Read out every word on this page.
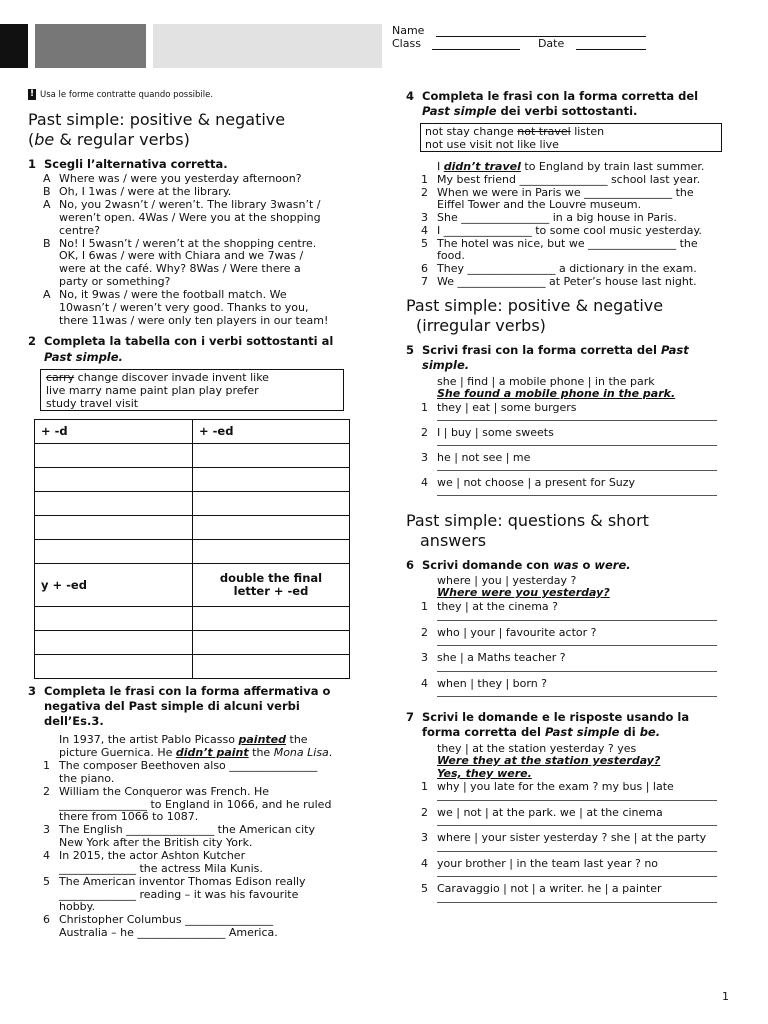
Name
Class	Date
! Usa le forme contratte quando possibile.
Past simple: positive & negative
(be & regular verbs)
1 Scegli l’alternativa corretta.
A Where was / were you yesterday afternoon?
B Oh, I 1was / were at the library.
A No, you 2wasn’t / weren’t. The library 3wasn’t /
weren’t open. 4Was / Were you at the shopping
centre?
B No! I 5wasn’t / weren’t at the shopping centre.
OK, I 6was / were with Chiara and we 7was /
were at the café. Why? 8Was / Were there a
party or something?
A No, it 9was / were the football match. We
10wasn’t / weren’t very good. Thanks to you,
there 11was / were only ten players in our team!
2 Completa la tabella con i verbi sottostanti al
Past simple.
carry change discover invade invent like
live marry name paint plan play prefer
study travel visit
+ -d	+ -ed

y + -ed	double the final
letter + -ed

3 Completa le frasi con la forma affermativa o
negativa del Past simple di alcuni verbi
dell’Es.3.
In 1937, the artist Pablo Picasso painted the
picture Guernica. He didn’t paint the Mona Lisa.
1 The composer Beethoven also ________________
the piano.
2 William the Conqueror was French. He
________________ to England in 1066, and he ruled
there from 1066 to 1087.
3 The English ________________ the American city
New York after the British city York.
4 In 2015, the actor Ashton Kutcher
______________ the actress Mila Kunis.
5 The American inventor Thomas Edison really
______________ reading – it was his favourite
hobby.
6 Christopher Columbus ________________
Australia – he ________________ America.
4 Completa le frasi con la forma corretta del
Past simple dei verbi sottostanti.
not stay change not travel listen
not use visit not like live
I didn’t travel to England by train last summer.
1 My best friend ________________ school last year.
2 When we were in Paris we ________________ the
Eiffel Tower and the Louvre museum.
3 She ________________ in a big house in Paris.
4 I ________________ to some cool music yesterday.
5 The hotel was nice, but we ________________ the
food.
6 They ________________ a dictionary in the exam.
7 We ________________ at Peter’s house last night.
Past simple: positive & negative
(irregular verbs)
5 Scrivi frasi con la forma corretta del Past
simple.
she | find | a mobile phone | in the park
She found a mobile phone in the park.
1 they | eat | some burgers
2 I | buy | some sweets
3 he | not see | me
4 we | not choose | a present for Suzy
Past simple: questions & short
answers
6 Scrivi domande con was o were.
where | you | yesterday ?
Where were you yesterday?
1 they | at the cinema ?
2 who | your | favourite actor ?
3 she | a Maths teacher ?
4 when | they | born ?
7 Scrivi le domande e le risposte usando la
forma corretta del Past simple di be.
they | at the station yesterday ? yes
Were they at the station yesterday?
Yes, they were.
1 why | you late for the exam ? my bus | late
2 we | not | at the park. we | at the cinema
3 where | your sister yesterday ? she | at the party
4 your brother | in the team last year ? no
5 Caravaggio | not | a writer. he | a painter
1
